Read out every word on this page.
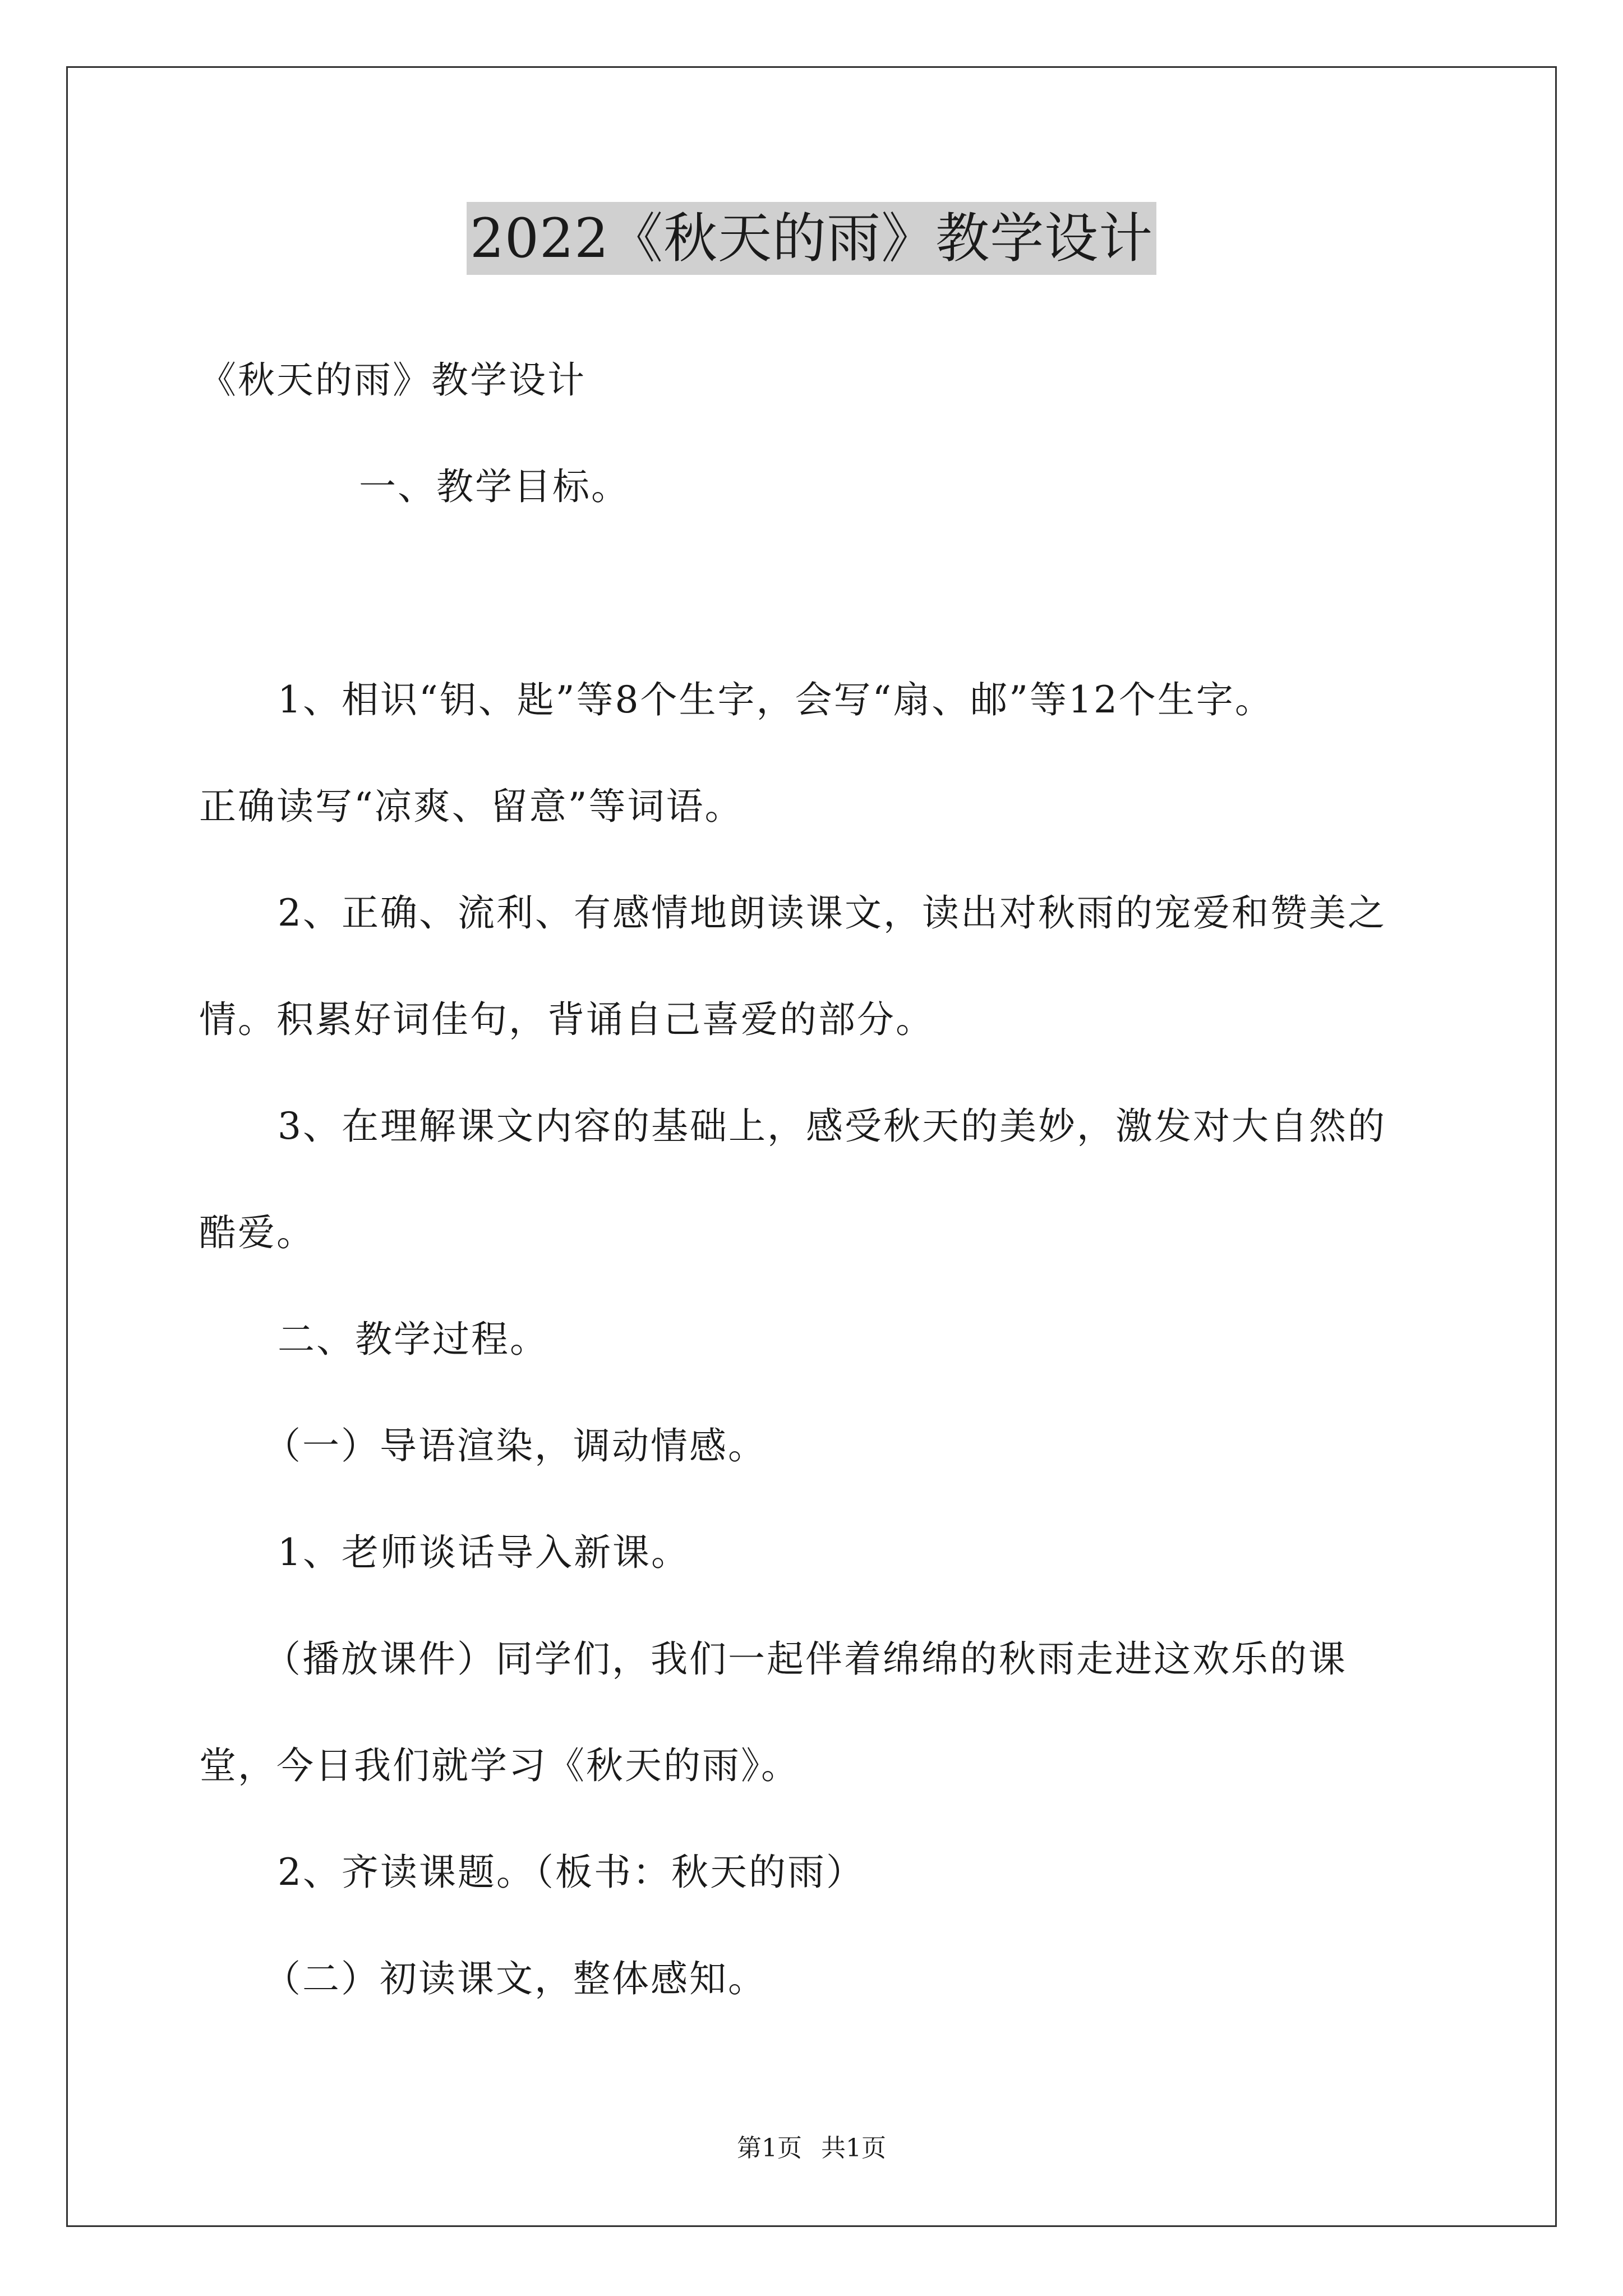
2022《秋天的雨》教学设计
《秋天的雨》教学设计
一、教学目标。
1、相识“钥、匙”等8个生字，会写“扇、邮”等12个生字。
正确读写“凉爽、留意”等词语。
2、正确、流利、有感情地朗读课文，读出对秋雨的宠爱和赞美之
情。积累好词佳句，背诵自己喜爱的部分。
3、在理解课文内容的基础上，感受秋天的美妙，激发对大自然的
酷爱。
二、教学过程。
（一）导语渲染，调动情感。
1、老师谈话导入新课。
（播放课件）同学们，我们一起伴着绵绵的秋雨走进这欢乐的课
堂，今日我们就学习《秋天的雨》。
2、齐读课题。（板书：秋天的雨）
（二）初读课文，整体感知。
第1页 共1页
